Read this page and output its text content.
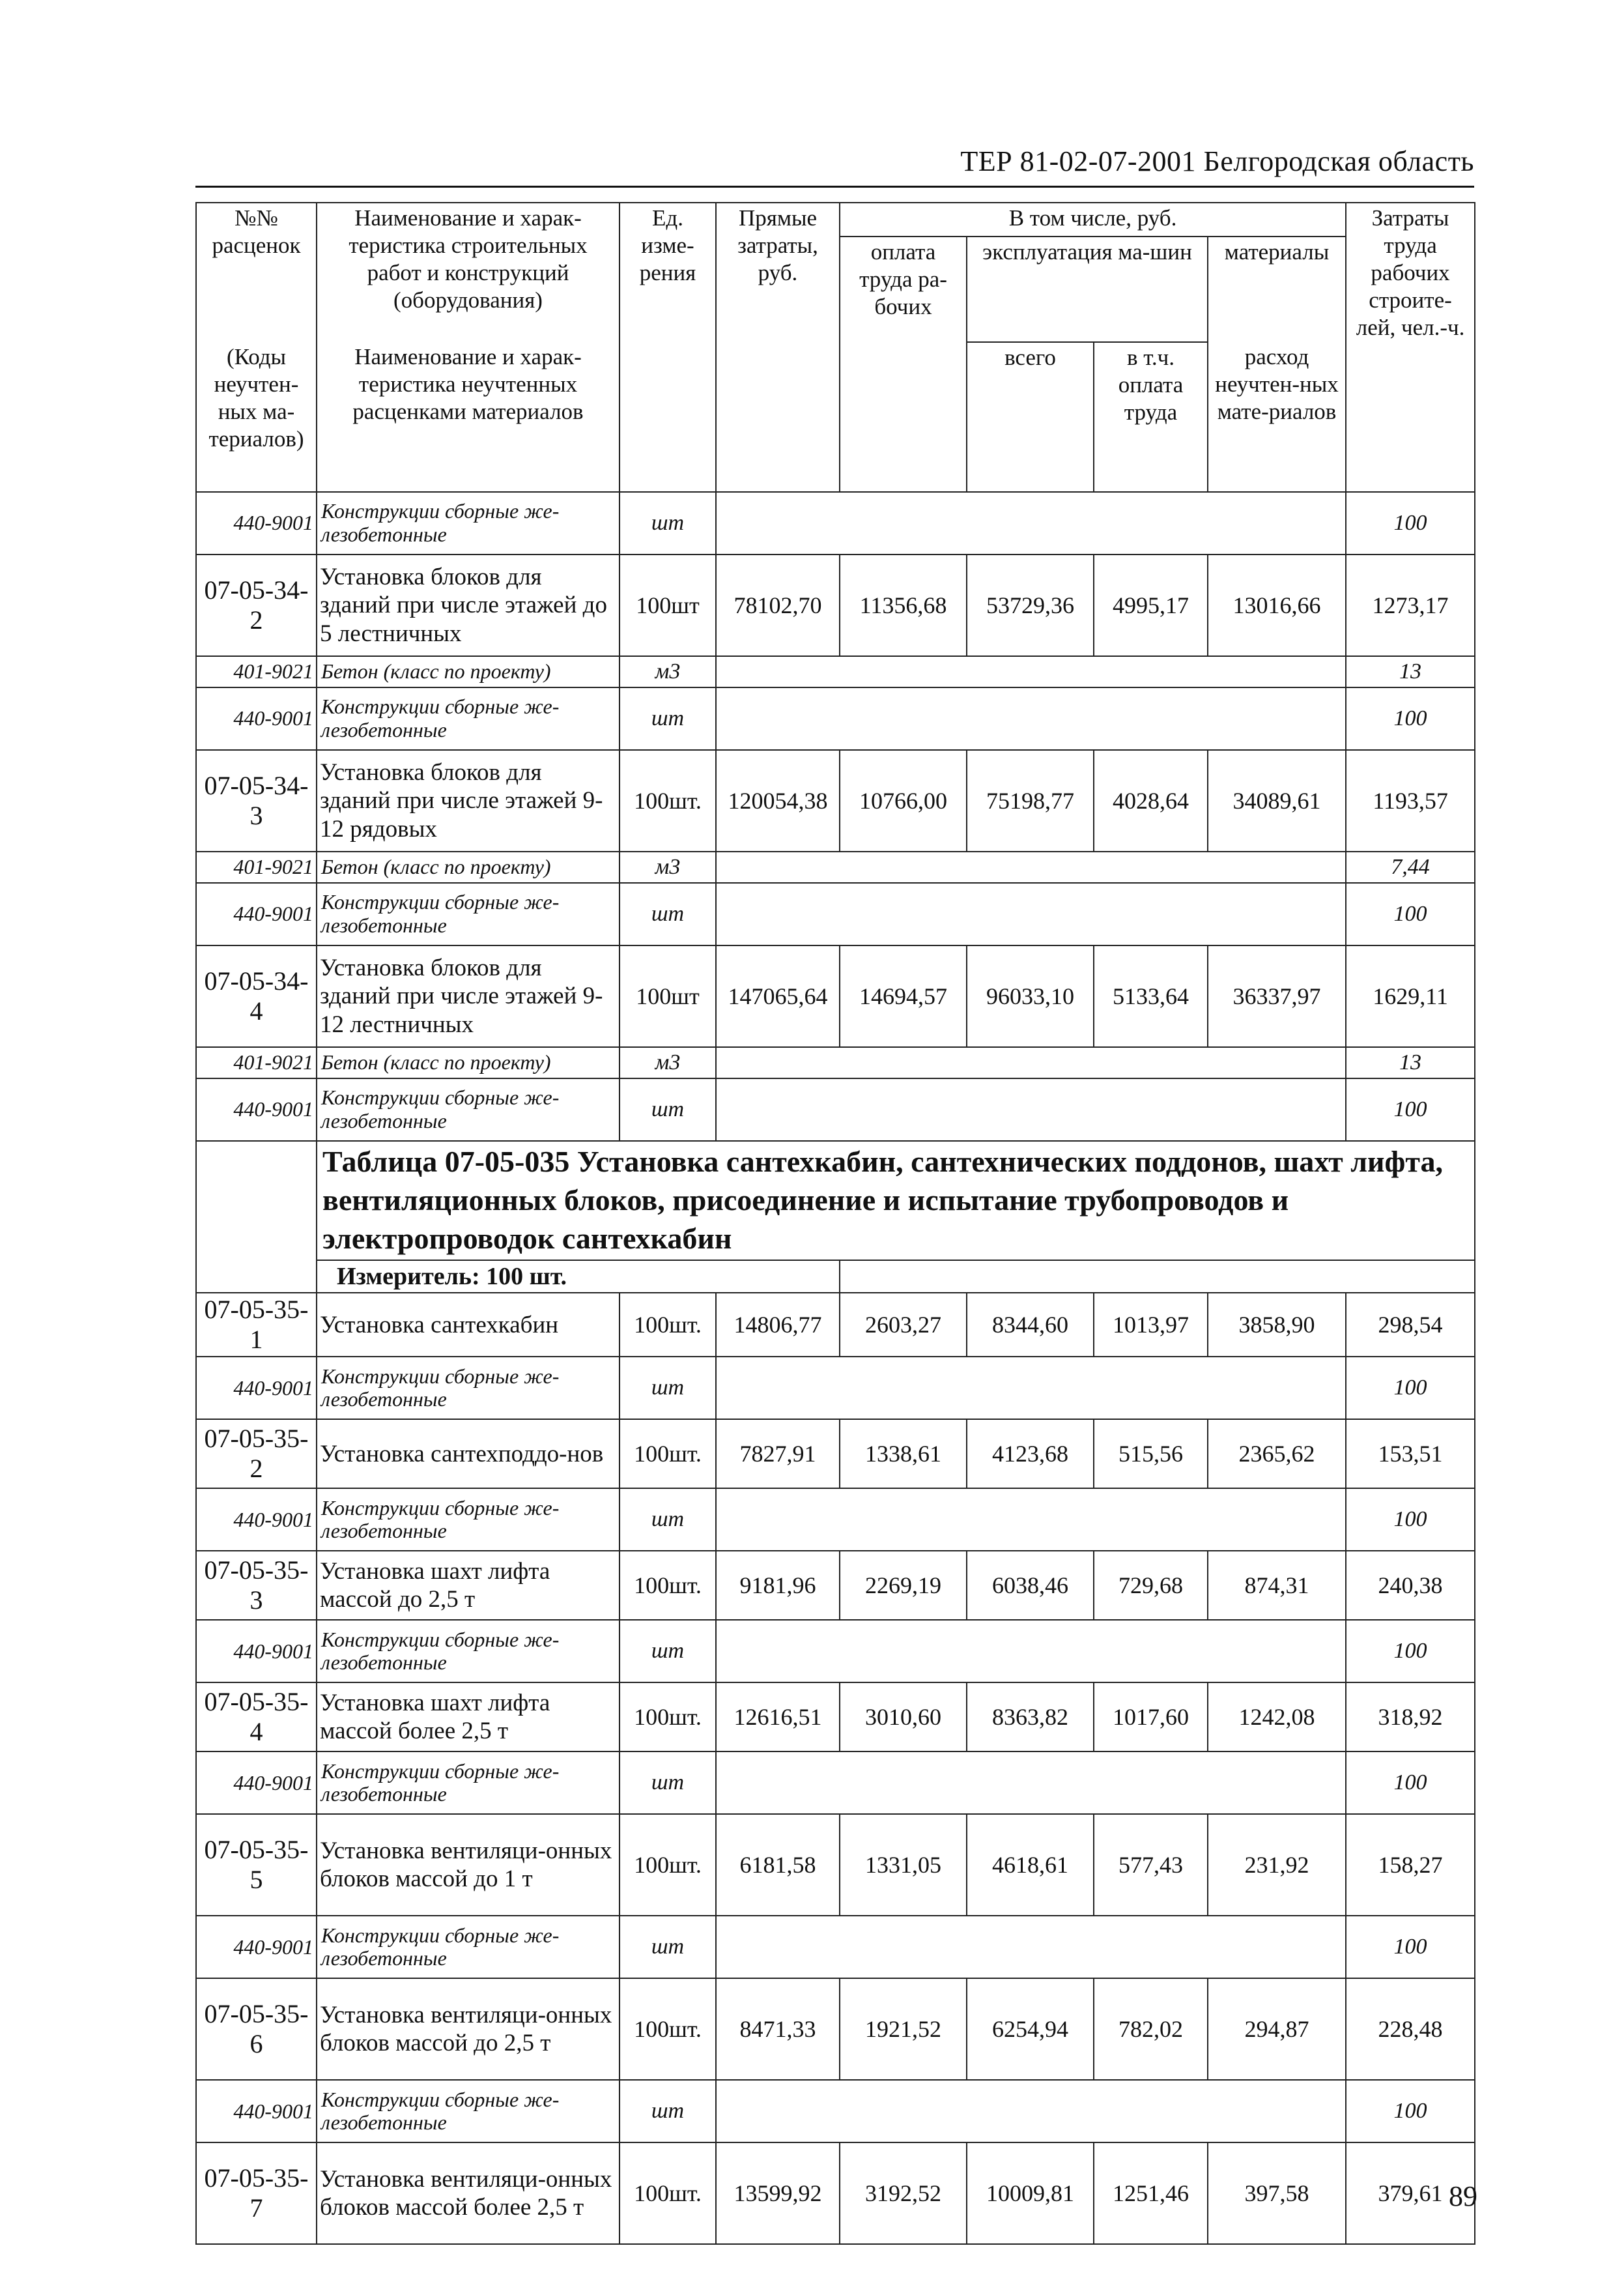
ТЕР 81-02-07-2001 Белгородская область
№№ расценок	Наименование и харак-теристика строительных работ и конструкций (оборудования)	Ед. изме-рения	Прямые затраты, руб.	В том числе, руб.				Затраты труда рабочих строите-лей, чел.-ч.	
				оплата труда ра-бочих	эксплуатация ма-шин		материалы		

(Коды неучтен-ных ма-териалов)	Наименование и харак-теристика неучтенных расценками материалов				всего	в т.ч. оплата труда	расход неучтен-ных мате-риалов		

440-9001	Конструкции сборные же-лезобетонные	шт						100	
07-05-34-2	Установка блоков для зданий при числе этажей до 5 лестничных	100шт	78102,70	11356,68	53729,36	4995,17	13016,66	1273,17	
401-9021	Бетон (класс по проекту)	м3						13	
440-9001	Конструкции сборные же-лезобетонные	шт						100	
07-05-34-3	Установка блоков для зданий при числе этажей 9-12 рядовых	100шт.	120054,38	10766,00	75198,77	4028,64	34089,61	1193,57	
401-9021	Бетон (класс по проекту)	м3						7,44	
440-9001	Конструкции сборные же-лезобетонные	шт						100	
07-05-34-4	Установка блоков для зданий при числе этажей 9-12 лестничных	100шт	147065,64	14694,57	96033,10	5133,64	36337,97	1629,11	
401-9021	Бетон (класс по проекту)	м3						13	
440-9001	Конструкции сборные же-лезобетонные	шт						100	
	Таблица 07-05-035 Установка сантехкабин, сантехнических поддонов, шахт лифта, вентиляционных блоков, присоединение и испытание трубопроводов и электропроводок сантехкабин								
	Измеритель: 100 шт.								
07-05-35-1	Установка сантехкабин	100шт.	14806,77	2603,27	8344,60	1013,97	3858,90	298,54	
440-9001	Конструкции сборные же-лезобетонные	шт						100	
07-05-35-2	Установка сантехподдо-нов	100шт.	7827,91	1338,61	4123,68	515,56	2365,62	153,51	
440-9001	Конструкции сборные же-лезобетонные	шт						100	
07-05-35-3	Установка шахт лифта массой до 2,5 т	100шт.	9181,96	2269,19	6038,46	729,68	874,31	240,38	
440-9001	Конструкции сборные же-лезобетонные	шт						100	
07-05-35-4	Установка шахт лифта массой более 2,5 т	100шт.	12616,51	3010,60	8363,82	1017,60	1242,08	318,92	
440-9001	Конструкции сборные же-лезобетонные	шт						100	
07-05-35-5	Установка вентиляци-онных блоков массой до 1 т	100шт.	6181,58	1331,05	4618,61	577,43	231,92	158,27	
440-9001	Конструкции сборные же-лезобетонные	шт						100	
07-05-35-6	Установка вентиляци-онных блоков массой до 2,5 т	100шт.	8471,33	1921,52	6254,94	782,02	294,87	228,48	
440-9001	Конструкции сборные же-лезобетонные	шт						100	
07-05-35-7	Установка вентиляци-онных блоков массой более 2,5 т	100шт.	13599,92	3192,52	10009,81	1251,46	397,58	379,61	89
